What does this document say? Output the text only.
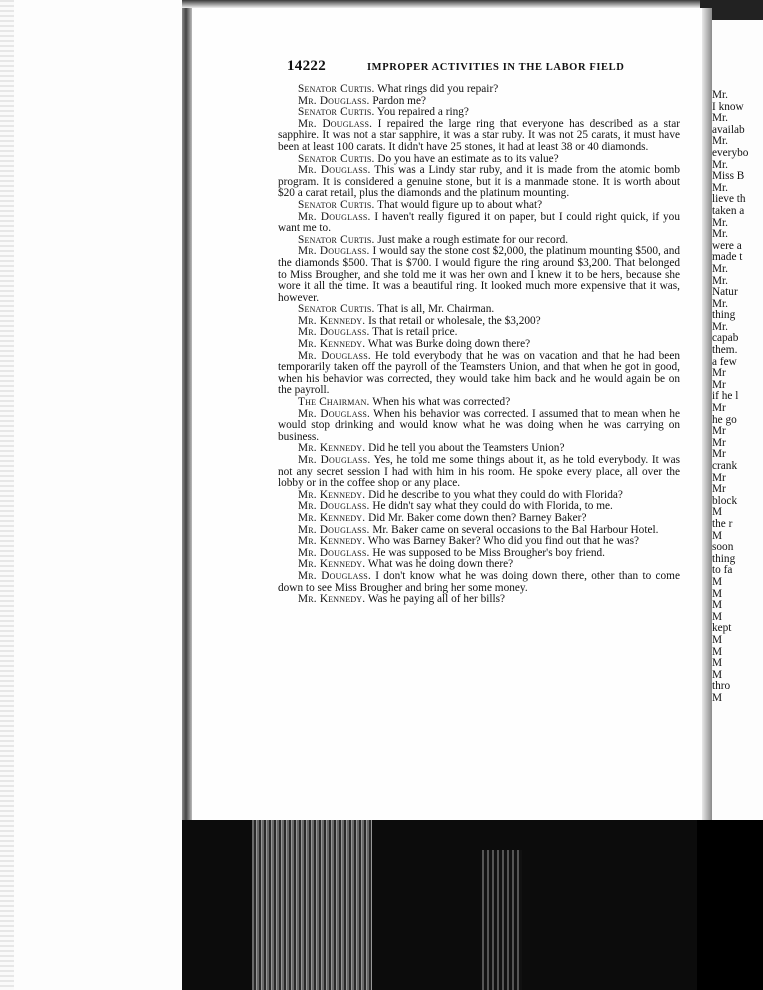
Mr.
I know
Mr.
availab
Mr.
everybo
Mr.
Miss B
Mr.
lieve th
taken a
Mr.
Mr.
were a
made t
Mr.
Mr.
Natur
Mr.
thing
Mr.
capab
them.
a few
Mr
Mr
if he l
Mr
he go
Mr
Mr
Mr
crank
Mr
Mr
block
M
the r
M
soon
thing
to fa
M
M
M
M
kept
M
M
M
M
thro
M
14222	IMPROPER ACTIVITIES IN THE LABOR FIELD

Senator Curtis. What rings did you repair?

Mr. Douglass. Pardon me?

Senator Curtis. You repaired a ring?

Mr. Douglass. I repaired the large ring that everyone has described as a star sapphire. It was not a star sapphire, it was a star ruby. It was not 25 carats, it must have been at least 100 carats. It didn't have 25 stones, it had at least 38 or 40 diamonds.

Senator Curtis. Do you have an estimate as to its value?

Mr. Douglass. This was a Lindy star ruby, and it is made from the atomic bomb program. It is considered a genuine stone, but it is a manmade stone. It is worth about $20 a carat retail, plus the diamonds and the platinum mounting.

Senator Curtis. That would figure up to about what?

Mr. Douglass. I haven't really figured it on paper, but I could right quick, if you want me to.

Senator Curtis. Just make a rough estimate for our record.

Mr. Douglass. I would say the stone cost $2,000, the platinum mounting $500, and the diamonds $500. That is $700. I would figure the ring around $3,200. That belonged to Miss Brougher, and she told me it was her own and I knew it to be hers, because she wore it all the time. It was a beautiful ring. It looked much more expensive that it was, however.

Senator Curtis. That is all, Mr. Chairman.

Mr. Kennedy. Is that retail or wholesale, the $3,200?

Mr. Douglass. That is retail price.

Mr. Kennedy. What was Burke doing down there?

Mr. Douglass. He told everybody that he was on vacation and that he had been temporarily taken off the payroll of the Teamsters Union, and that when he got in good, when his behavior was corrected, they would take him back and he would again be on the payroll.

The Chairman. When his what was corrected?

Mr. Douglass. When his behavior was corrected. I assumed that to mean when he would stop drinking and would know what he was doing when he was carrying on business.

Mr. Kennedy. Did he tell you about the Teamsters Union?

Mr. Douglass. Yes, he told me some things about it, as he told everybody. It was not any secret session I had with him in his room. He spoke every place, all over the lobby or in the coffee shop or any place.

Mr. Kennedy. Did he describe to you what they could do with Florida?

Mr. Douglass. He didn't say what they could do with Florida, to me.

Mr. Kennedy. Did Mr. Baker come down then? Barney Baker?

Mr. Douglass. Mr. Baker came on several occasions to the Bal Harbour Hotel.

Mr. Kennedy. Who was Barney Baker? Who did you find out that he was?

Mr. Douglass. He was supposed to be Miss Brougher's boy friend.

Mr. Kennedy. What was he doing down there?

Mr. Douglass. I don't know what he was doing down there, other than to come down to see Miss Brougher and bring her some money.

Mr. Kennedy. Was he paying all of her bills?
